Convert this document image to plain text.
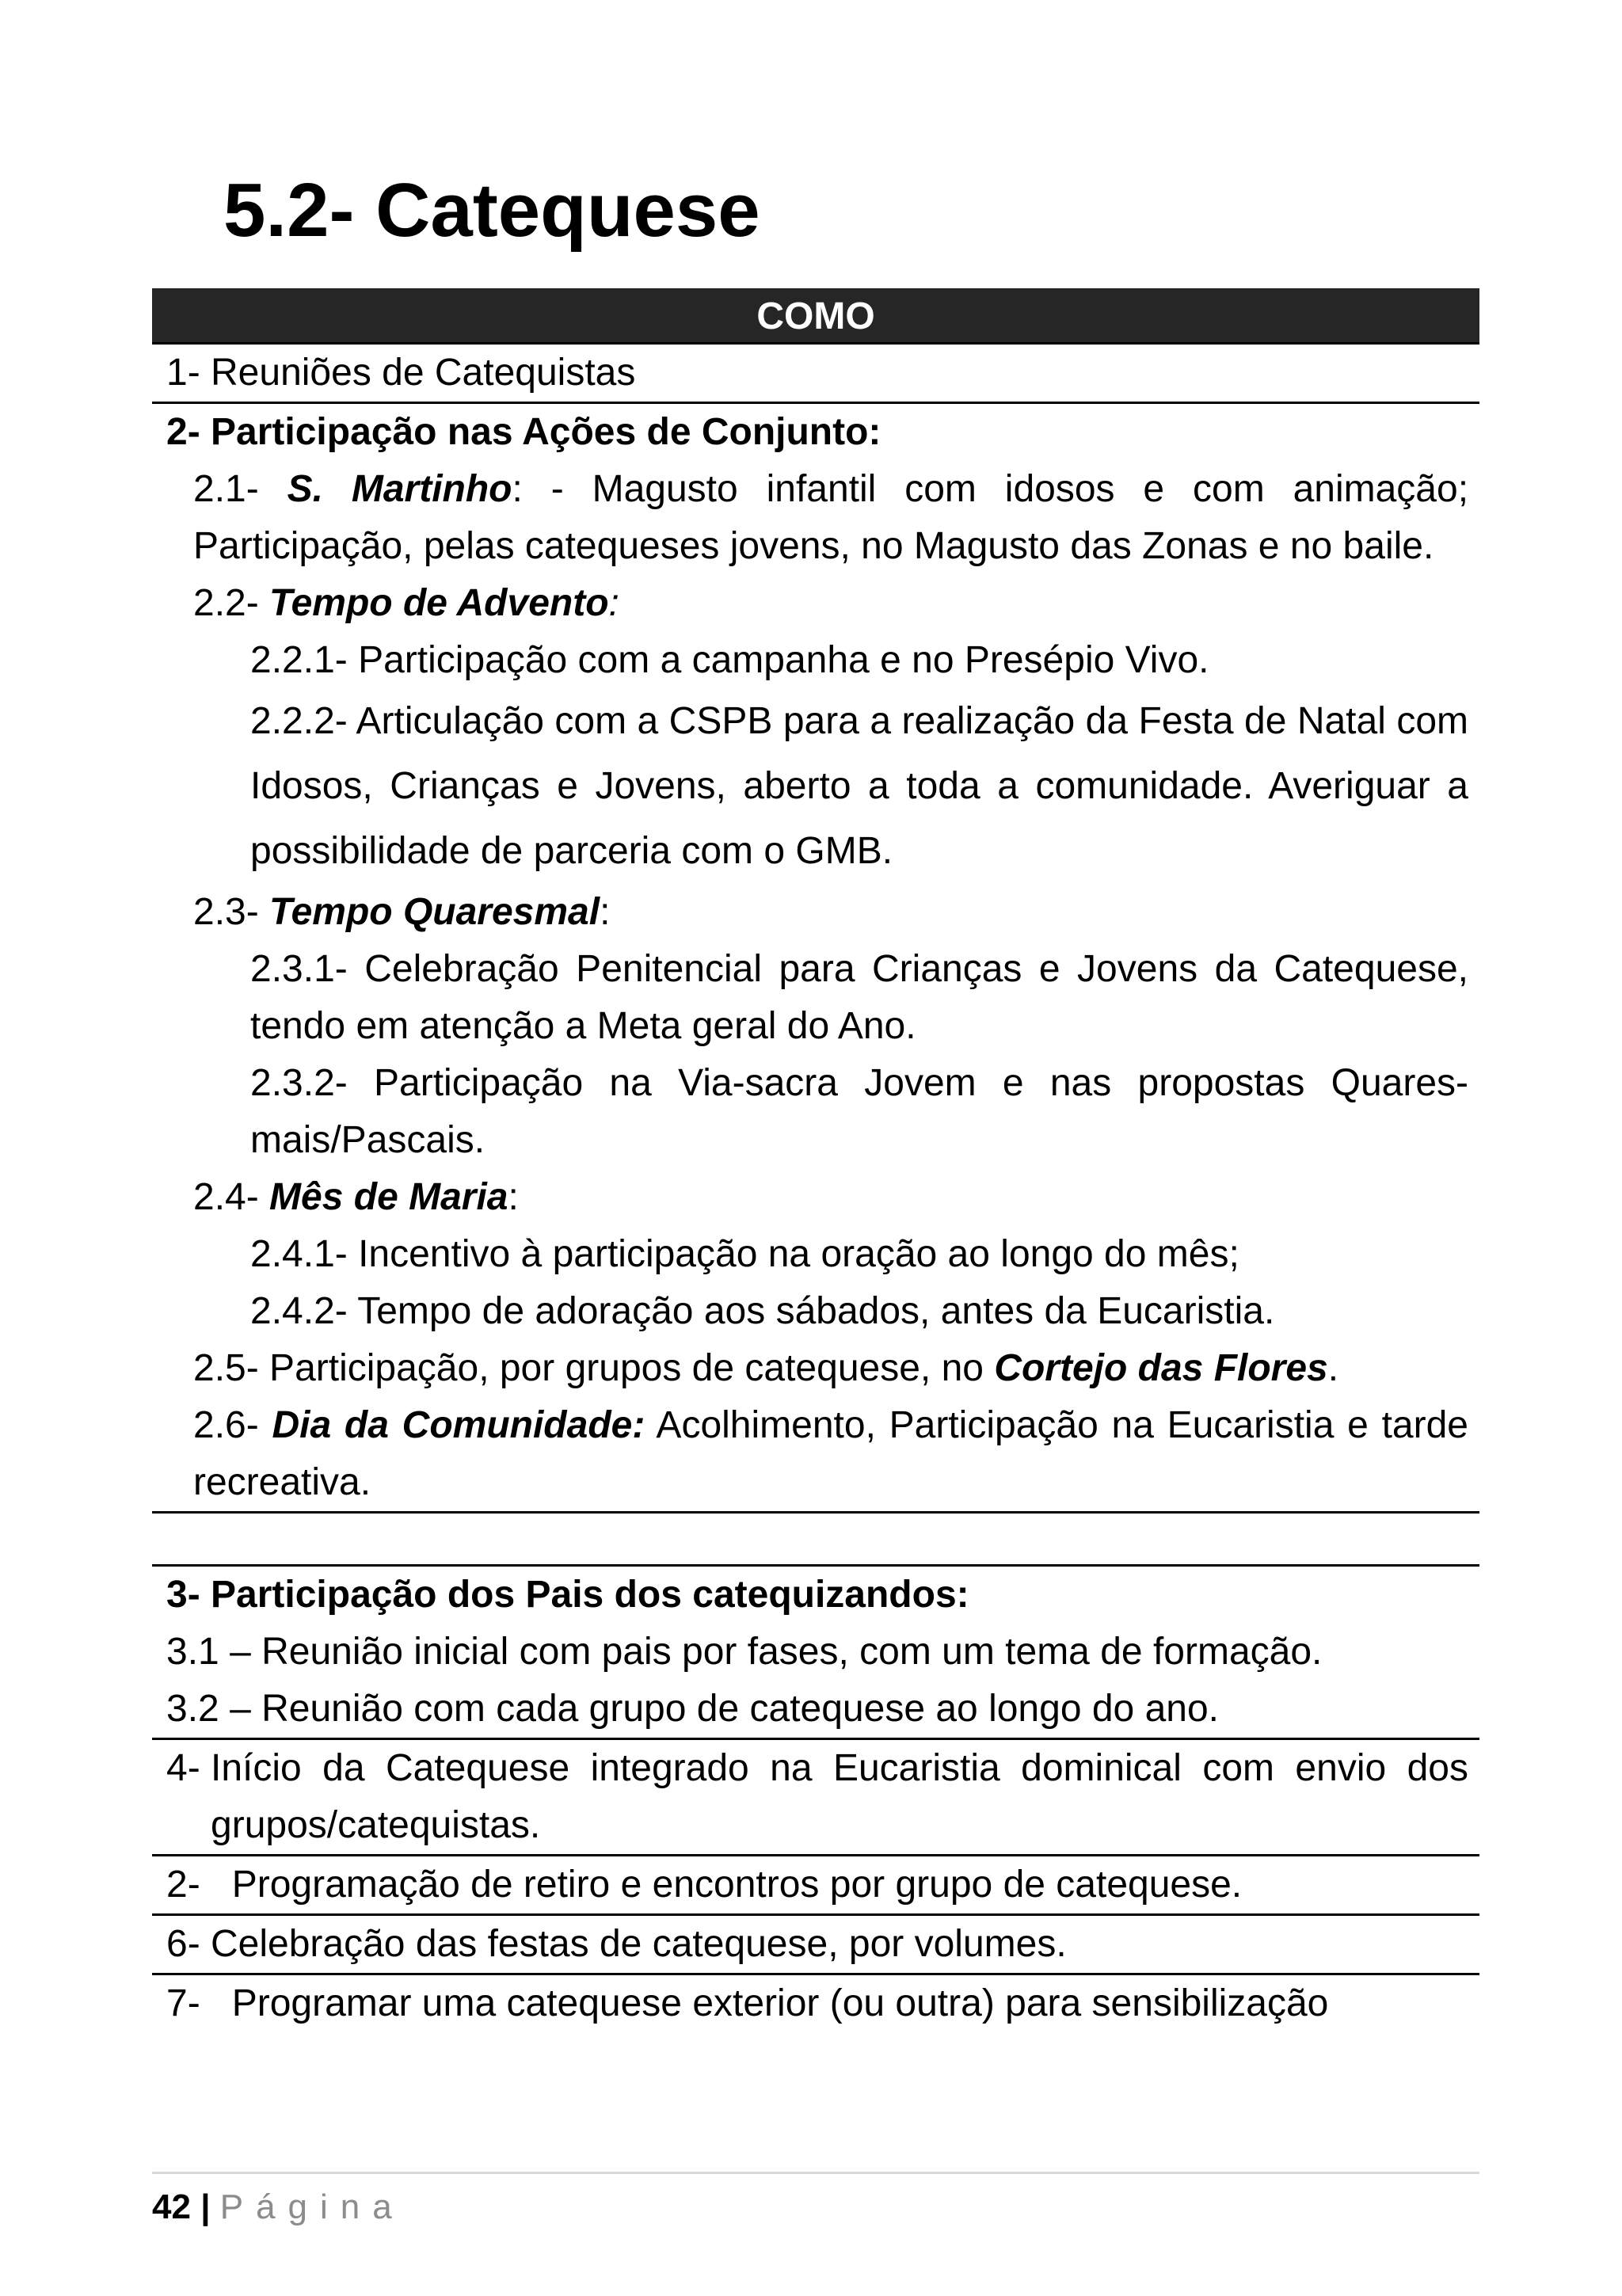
5.2- Catequese
COMO

1- Reuniões de Catequistas

2- Participação nas Ações de Conjunto:

2.1- S. Martinho: - Magusto infantil com idosos e com animação; Participação, pelas catequeses jovens, no Magusto das Zonas e no baile.

2.2- Tempo de Advento:

2.2.1- Participação com a campanha e no Presépio Vivo.

2.2.2- Articulação com a CSPB para a realização da Festa de Natal com Idosos, Crianças e Jovens, aberto a toda a comunidade. Averiguar a possibilidade de parceria com o GMB.

2.3- Tempo Quaresmal:

2.3.1- Celebração Penitencial para Crianças e Jovens da Catequese, tendo em atenção a Meta geral do Ano.

2.3.2- Participação na Via-sacra Jovem e nas propostas Quares-mais/Pascais.

2.4- Mês de Maria:

2.4.1- Incentivo à participação na oração ao longo do mês;

2.4.2- Tempo de adoração aos sábados, antes da Eucaristia.

2.5- Participação, por grupos de catequese, no Cortejo das Flores.

2.6- Dia da Comunidade: Acolhimento, Participação na Eucaristia e tarde recreativa.

3- Participação dos Pais dos catequizandos:

3.1 – Reunião inicial com pais por fases, com um tema de formação.

3.2 – Reunião com cada grupo de catequese ao longo do ano.

4- Início da Catequese integrado na Eucaristia dominical com envio dos grupos/catequistas.
2- Programação de retiro e encontros por grupo de catequese.

6- Celebração das festas de catequese, por volumes.

7- Programar uma catequese exterior (ou outra) para sensibilização
42 | Página
